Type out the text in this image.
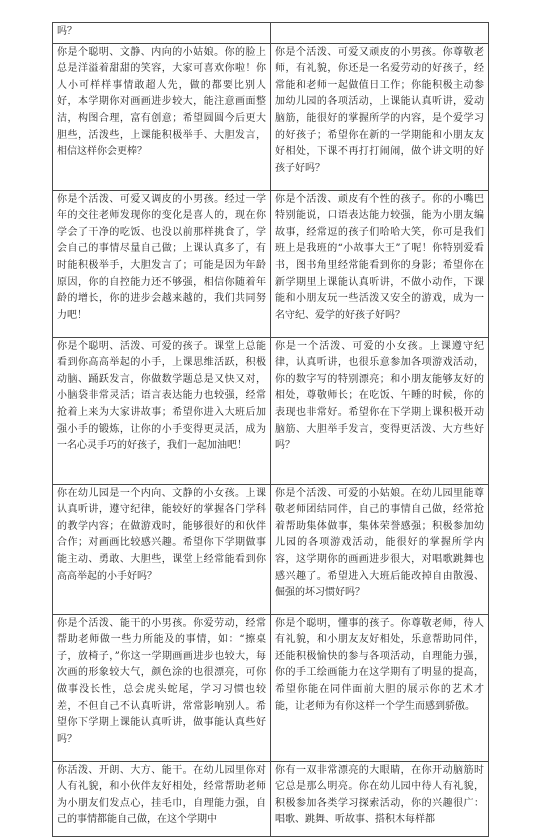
吗？	
你是个聪明、文静、内向的小姑娘。你的脸上总是洋溢着甜甜的笑容，大家可喜欢你啦！你人小可样样事情敢超人先，做的都要比别人好，本学期你对画画进步较大，能注意画面整洁，构图合理，富有创意；希望圆圆今后更大胆些，活泼些，上课能积极举手、大胆发言，相信这样你会更棒？	你是个活泼、可爱又顽皮的小男孩。你尊敬老师，有礼貌，你还是一名爱劳动的好孩子，经常能和老师一起做值日工作；你能积极主动参加幼儿园的各项活动，上课能认真听讲，爱动脑筋，能很好的掌握所学的内容，是个爱学习的好孩子；希望你在新的一学期能和小朋友友好相处，下课不再打打闹闹，做个讲文明的好孩子好吗？
你是个活泼、可爱又调皮的小男孩。经过一学年的交往老师发现你的变化是喜人的，现在你学会了干净的吃饭、也没以前那样挑食了，学会自己的事情尽量自己做；上课认真多了，有时能积极举手，大胆发言了；可能是因为年龄原因，你的自控能力还不够强，相信你随着年龄的增长，你的进步会越来越的，我们共同努力吧！	你是个活泼、顽皮有个性的孩子。你的小嘴巴特别能说，口语表达能力较强，能为小朋友编故事，经常逗的孩子们哈哈大笑，你可是我们班上是我班的“小故事大王”了呢！你特别爱看书，图书角里经常能看到你的身影；希望你在新学期里上课能认真听讲，不做小动作，下课能和小朋友玩一些活泼又安全的游戏，成为一名守纪、爱学的好孩子好吗？
你是个聪明、活泼、可爱的孩子。课堂上总能看到你高高举起的小手，上课思维活跃，积极动脑、踊跃发言，你做数学题总是又快又对，小脑袋非常灵活；语言表达能力也较强，经常抢着上来为大家讲故事；希望你进入大班后加强小手的锻炼，让你的小手变得更灵活，成为一名心灵手巧的好孩子，我们一起加油吧！	你是一个活泼、可爱的小女孩。上课遵守纪律，认真听讲，也很乐意参加各项游戏活动，你的数字写的特别漂亮；和小朋友能够友好的相处，尊敬师长；在吃饭、午睡的时候，你的表现也非常好。希望你在下学期上课积极开动脑筋、大胆举手发言，变得更活泼、大方些好吗？
你在幼儿园是一个内向、文静的小女孩。上课认真听讲，遵守纪律，能较好的掌握各门学科的教学内容；在做游戏时，能够很好的和伙伴合作；对画画比较感兴趣。希望你下学期做事能主动、勇敢、大胆些，课堂上经常能看到你高高举起的小手好吗？	你是个活泼、可爱的小姑娘。在幼儿园里能尊敬老师团结同伴，自己的事情自己做，经常抢着帮助集体做事，集体荣誉感强；积极参加幼儿园的各项游戏活动，能很好的掌握所学内容，这学期你的画画进步很大，对唱歌跳舞也感兴趣了。希望进入大班后能改掉自由散漫、倔强的坏习惯好吗？
你是个活泼、能干的小男孩。你爱劳动，经常帮助老师做一些力所能及的事情，如：“擦桌子，放椅子，”你这一学期画画进步也较大，每次画的形象较大气，颜色涂的也很漂亮，可你做事没长性，总会虎头蛇尾，学习习惯也较差，不但自己不认真听讲，常常影响别人。希望你下学期上课能认真听讲，做事能认真些好吗？	你是个聪明，懂事的孩子。你尊敬老师，待人有礼貌，和小朋友友好相处，乐意帮助同伴，还能积极愉快的参与各项活动，自理能力强，你的手工绘画能力在这学期有了明显的提高，希望你能在同伴面前大胆的展示你的艺术才能，让老师为有你这样一个学生而感到骄傲。
你活泼、开朗、大方、能干。在幼儿园里你对人有礼貌，和小伙伴友好相处，经常帮助老师为小朋友们发点心，挂毛巾，自理能力强，自己的事情都能自己做，在这个学期中	你有一双非常漂亮的大眼睛，在你开动脑筋时它总是那么明亮。你在幼儿园中待人有礼貌，积极参加各类学习探索活动，你的兴趣很广：唱歌、跳舞、听故事、搭积木每样都
